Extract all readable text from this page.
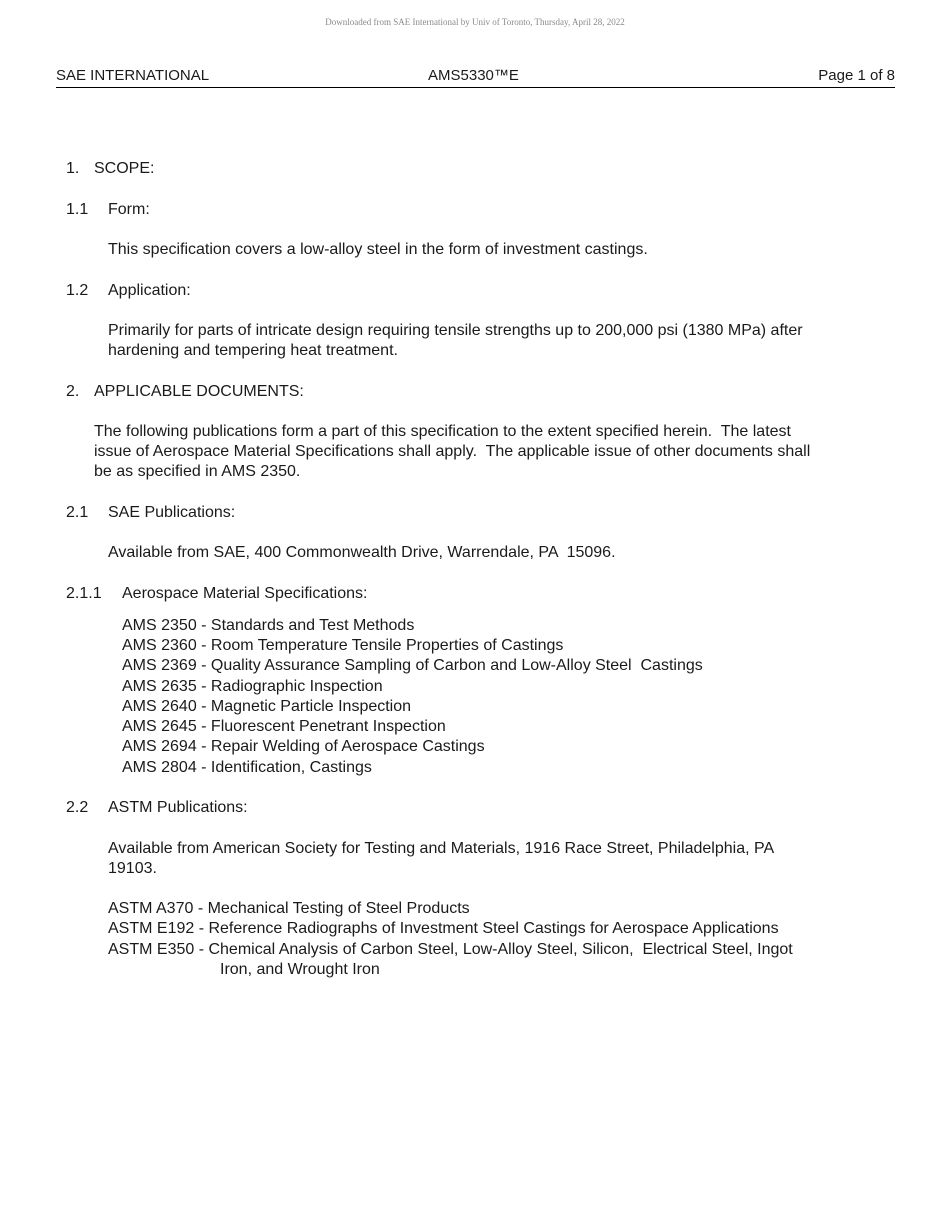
Downloaded from SAE International by Univ of Toronto, Thursday, April 28, 2022
SAE INTERNATIONAL	AMS5330™E	Page 1 of 8
1. SCOPE:
1.1 Form:
This specification covers a low-alloy steel in the form of investment castings.
1.2 Application:
Primarily for parts of intricate design requiring tensile strengths up to 200,000 psi (1380 MPa) after
hardening and tempering heat treatment.
2. APPLICABLE DOCUMENTS:
The following publications form a part of this specification to the extent specified herein.  The latest
issue of Aerospace Material Specifications shall apply.  The applicable issue of other documents shall
be as specified in AMS 2350.
2.1 SAE Publications:
Available from SAE, 400 Commonwealth Drive, Warrendale, PA  15096.
2.1.1 Aerospace Material Specifications:
AMS 2350 - Standards and Test Methods
AMS 2360 - Room Temperature Tensile Properties of Castings
AMS 2369 - Quality Assurance Sampling of Carbon and Low-Alloy Steel  Castings
AMS 2635 - Radiographic Inspection
AMS 2640 - Magnetic Particle Inspection
AMS 2645 - Fluorescent Penetrant Inspection
AMS 2694 - Repair Welding of Aerospace Castings
AMS 2804 - Identification, Castings
2.2 ASTM Publications:
Available from American Society for Testing and Materials, 1916 Race Street, Philadelphia, PA
19103.
ASTM A370 - Mechanical Testing of Steel Products
ASTM E192 - Reference Radiographs of Investment Steel Castings for Aerospace Applications
ASTM E350 - Chemical Analysis of Carbon Steel, Low-Alloy Steel, Silicon,  Electrical Steel, Ingot
Iron, and Wrought Iron
